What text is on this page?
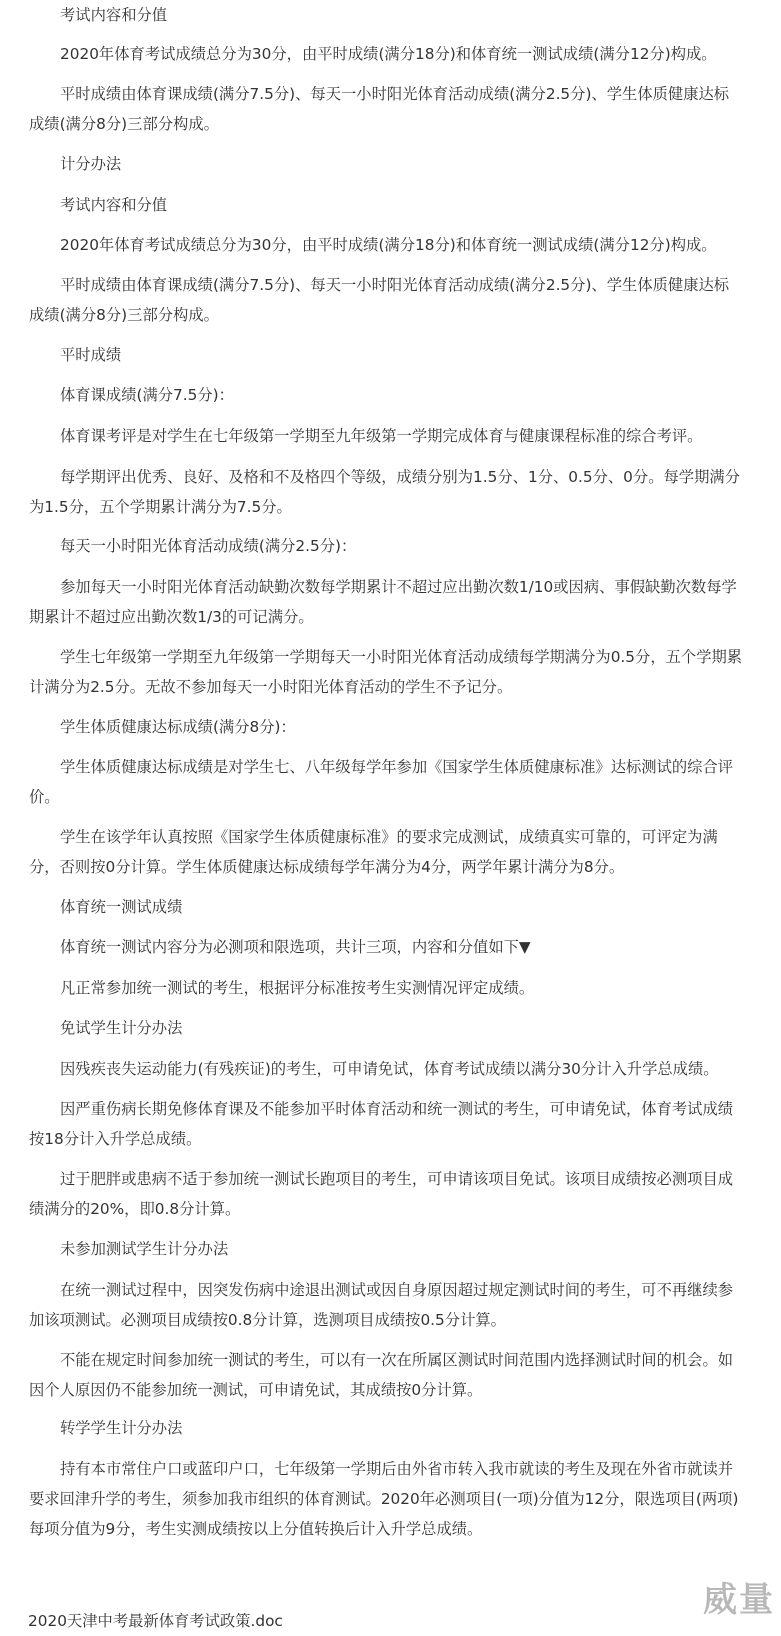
考试内容和分值

2020年体育考试成绩总分为30分，由平时成绩(满分18分)和体育统一测试成绩(满分12分)构成。

平时成绩由体育课成绩(满分7.5分)、每天一小时阳光体育活动成绩(满分2.5分)、学生体质健康达标成绩(满分8分)三部分构成。

计分办法

考试内容和分值

2020年体育考试成绩总分为30分，由平时成绩(满分18分)和体育统一测试成绩(满分12分)构成。

平时成绩由体育课成绩(满分7.5分)、每天一小时阳光体育活动成绩(满分2.5分)、学生体质健康达标成绩(满分8分)三部分构成。

平时成绩

体育课成绩(满分7.5分)：

体育课考评是对学生在七年级第一学期至九年级第一学期完成体育与健康课程标准的综合考评。

每学期评出优秀、良好、及格和不及格四个等级，成绩分别为1.5分、1分、0.5分、0分。每学期满分为1.5分，五个学期累计满分为7.5分。

每天一小时阳光体育活动成绩(满分2.5分)：

参加每天一小时阳光体育活动缺勤次数每学期累计不超过应出勤次数1/10或因病、事假缺勤次数每学期累计不超过应出勤次数1/3的可记满分。

学生七年级第一学期至九年级第一学期每天一小时阳光体育活动成绩每学期满分为0.5分，五个学期累计满分为2.5分。无故不参加每天一小时阳光体育活动的学生不予记分。

学生体质健康达标成绩(满分8分)：

学生体质健康达标成绩是对学生七、八年级每学年参加《国家学生体质健康标准》达标测试的综合评价。

学生在该学年认真按照《国家学生体质健康标准》的要求完成测试，成绩真实可靠的，可评定为满分，否则按0分计算。学生体质健康达标成绩每学年满分为4分，两学年累计满分为8分。

体育统一测试成绩

体育统一测试内容分为必测项和限选项，共计三项，内容和分值如下▼

凡正常参加统一测试的考生，根据评分标准按考生实测情况评定成绩。

免试学生计分办法

因残疾丧失运动能力(有残疾证)的考生，可申请免试，体育考试成绩以满分30分计入升学总成绩。

因严重伤病长期免修体育课及不能参加平时体育活动和统一测试的考生，可申请免试，体育考试成绩按18分计入升学总成绩。

过于肥胖或患病不适于参加统一测试长跑项目的考生，可申请该项目免试。该项目成绩按必测项目成绩满分的20%，即0.8分计算。

未参加测试学生计分办法

在统一测试过程中，因突发伤病中途退出测试或因自身原因超过规定测试时间的考生，可不再继续参加该项测试。必测项目成绩按0.8分计算，选测项目成绩按0.5分计算。

不能在规定时间参加统一测试的考生，可以有一次在所属区测试时间范围内选择测试时间的机会。如因个人原因仍不能参加统一测试，可申请免试，其成绩按0分计算。

转学学生计分办法

持有本市常住户口或蓝印户口，七年级第一学期后由外省市转入我市就读的考生及现在外省市就读并要求回津升学的考生，须参加我市组织的体育测试。2020年必测项目(一项)分值为12分，限选项目(两项)每项分值为9分，考生实测成绩按以上分值转换后计入升学总成绩。

2020天津中考最新体育考试政策.doc
威量
